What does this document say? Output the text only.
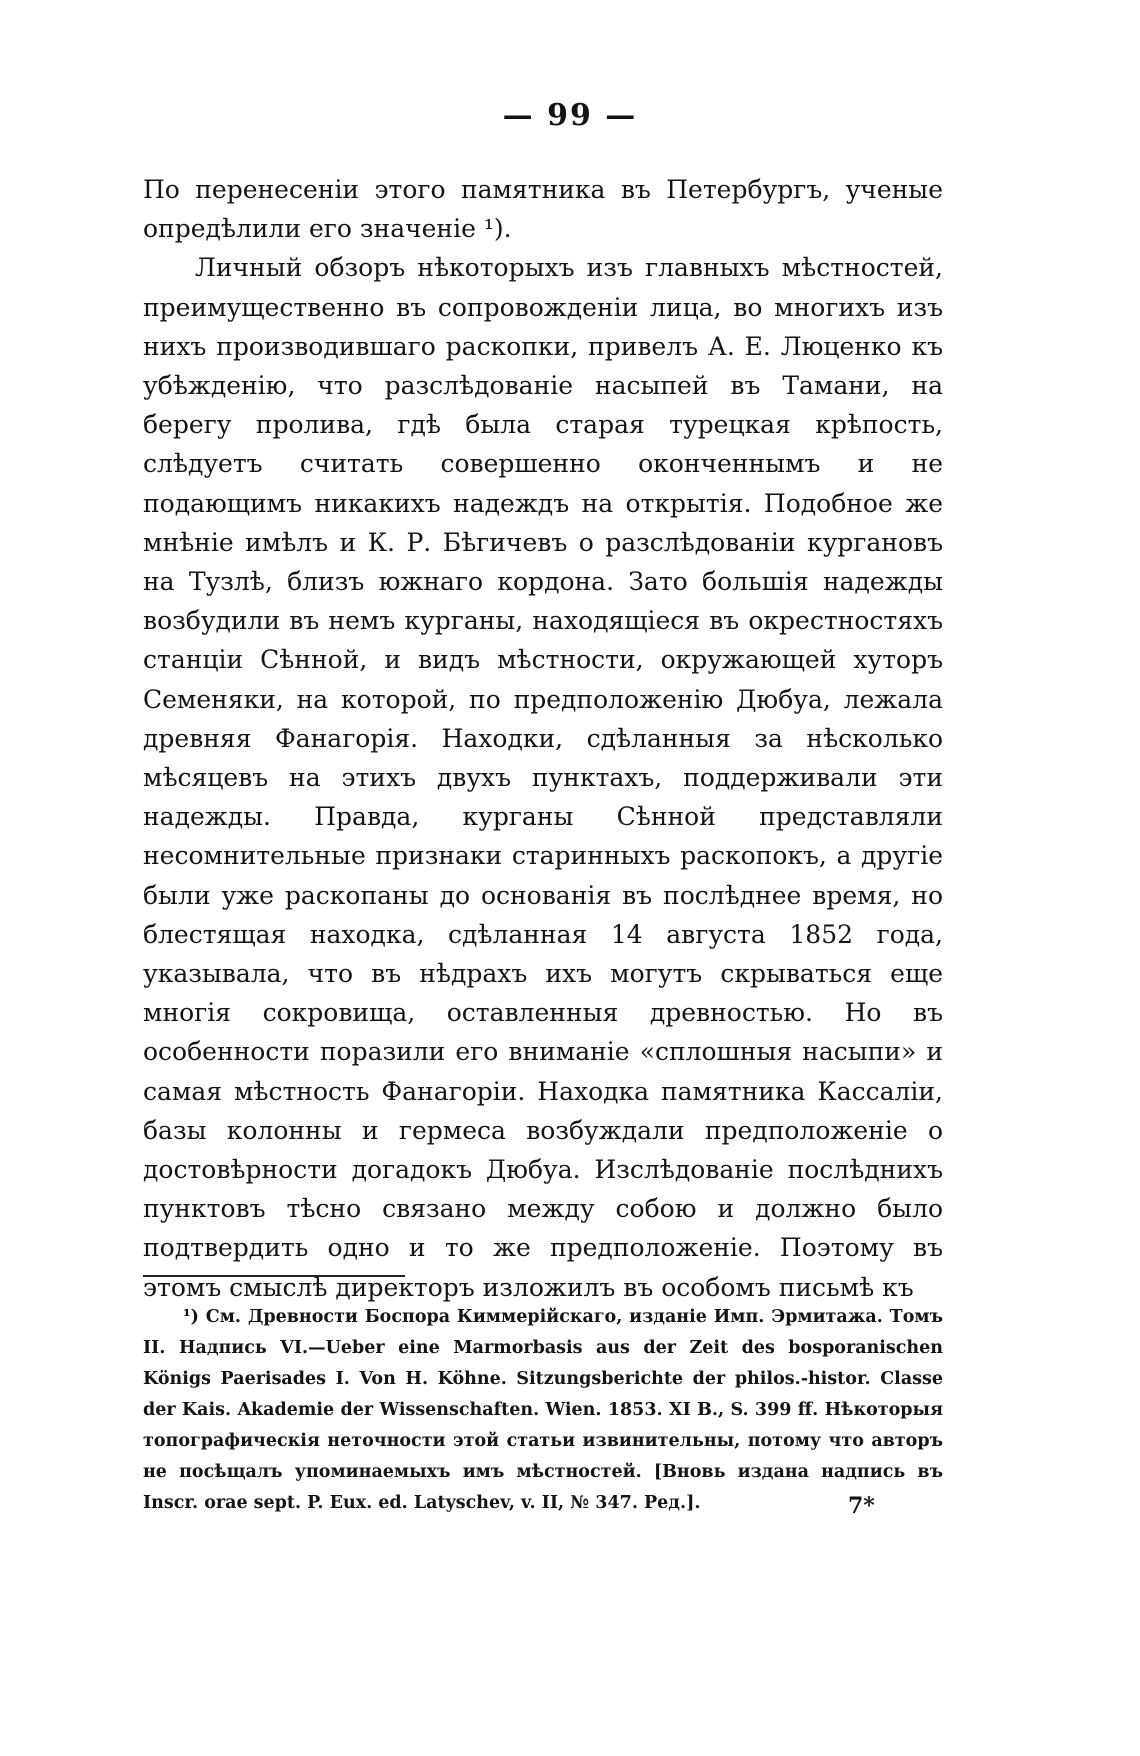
— 99 —

По перенесеніи этого памятника въ Петербургъ, ученые опредѣлили его значеніе ¹).

Личный обзоръ нѣкоторыхъ изъ главныхъ мѣстностей, преимущественно въ сопровожденіи лица, во многихъ изъ нихъ производившаго раскопки, привелъ А. Е. Люценко къ убѣжденію, что разслѣдованіе насыпей въ Тамани, на берегу пролива, гдѣ была старая турецкая крѣпость, слѣдуетъ считать совершенно оконченнымъ и не подающимъ никакихъ надеждъ на открытія. Подобное же мнѣніе имѣлъ и К. Р. Бѣгичевъ о разслѣдованіи кургановъ на Тузлѣ, близъ южнаго кордона. Зато большія надежды возбудили въ немъ курганы, находящіеся въ окрестностяхъ станціи Сѣнной, и видъ мѣстности, окружающей хуторъ Семеняки, на которой, по предположенію Дюбуа, лежала древняя Фанагорія. Находки, сдѣланныя за нѣсколько мѣсяцевъ на этихъ двухъ пунктахъ, поддерживали эти надежды. Правда, курганы Сѣнной представляли несомнительные признаки старинныхъ раскопокъ, а другіе были уже раскопаны до основанія въ послѣднее время, но блестящая находка, сдѣланная 14 августа 1852 года, указывала, что въ нѣдрахъ ихъ могутъ скрываться еще многія сокровища, оставленныя древностью. Но въ особенности поразили его вниманіе «сплошныя насыпи» и самая мѣстность Фанагоріи. Находка памятника Кассаліи, базы колонны и гермеса возбуждали предположеніе о достовѣрности догадокъ Дюбуа. Изслѣдованіе послѣднихъ пунктовъ тѣсно связано между собою и должно было подтвердить одно и то же предположеніе. Поэтому въ этомъ смыслѣ директоръ изложилъ въ особомъ письмѣ къ

¹) См. Древности Боспора Киммерійскаго, изданіе Имп. Эрмитажа. Томъ II. Надпись VI.—Ueber eine Marmorbasis aus der Zeit des bosporanischen Königs Paerisades I. Von H. Köhne. Sitzungsberichte der philos.-histor. Classe der Kais. Akademie der Wissenschaften. Wien. 1853. XI B., S. 399 ff. Нѣкоторыя топографическія неточности этой статьи извинительны, потому что авторъ не посѣщалъ упоминаемыхъ имъ мѣстностей. [Вновь издана надпись въ Inscr. orae sept. P. Eux. ed. Latyschev, v. II, № 347. Ред.].	7*
